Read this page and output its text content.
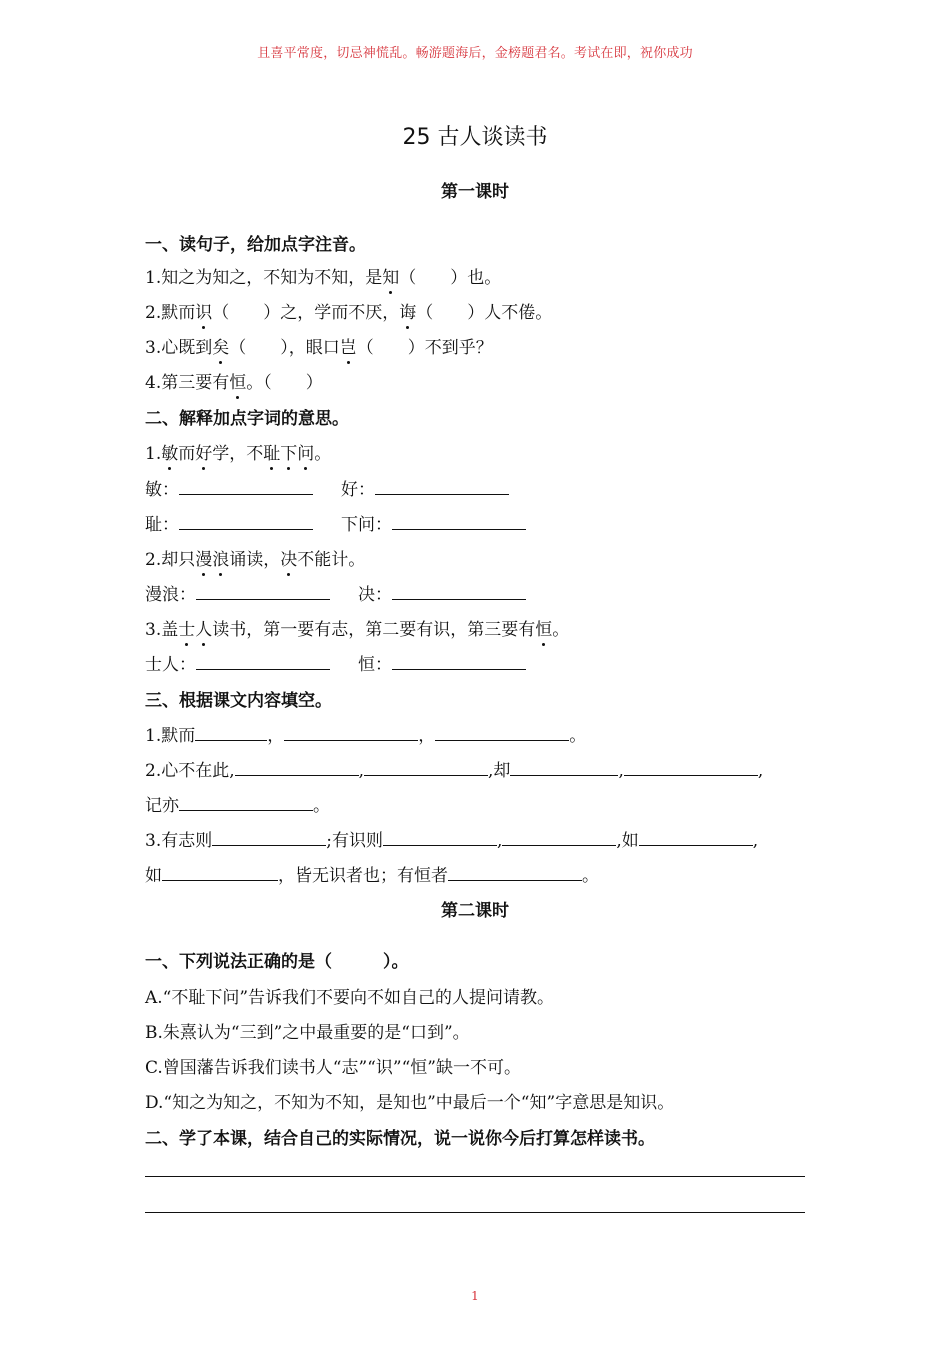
且喜平常度，切忌神慌乱。畅游题海后，金榜题君名。考试在即，祝你成功
25 古人谈读书
第一课时
一、读句子，给加点字注音。
1.知之为知之，不知为不知，是知（　　）也。
2.默而识（　　）之，学而不厌，诲（　　）人不倦。
3.心既到矣（　　），眼口岂（　　）不到乎？
4.第三要有恒。（　　）
二、解释加点字词的意思。
1.敏而好学，不耻下问。
敏：	好：
耻：	下问：
2.却只漫浪诵读，决不能计。
漫浪：	决：
3.盖士人读书，第一要有志，第二要有识，第三要有恒。
士人：	恒：
三、根据课文内容填空。
1.默而	，	，	。
2.心不在此,	,	,却	,	,
记亦	。
3.有志则	;有识则	,	,如	,
如	，皆无识者也；有恒者	。
第二课时
一、下列说法正确的是（　　　）。
A.“不耻下问”告诉我们不要向不如自己的人提问请教。
B.朱熹认为“三到”之中最重要的是“口到”。
C.曾国藩告诉我们读书人“志”“识”“恒”缺一不可。
D.“知之为知之，不知为不知，是知也”中最后一个“知”字意思是知识。
二、学了本课，结合自己的实际情况，说一说你今后打算怎样读书。
1
